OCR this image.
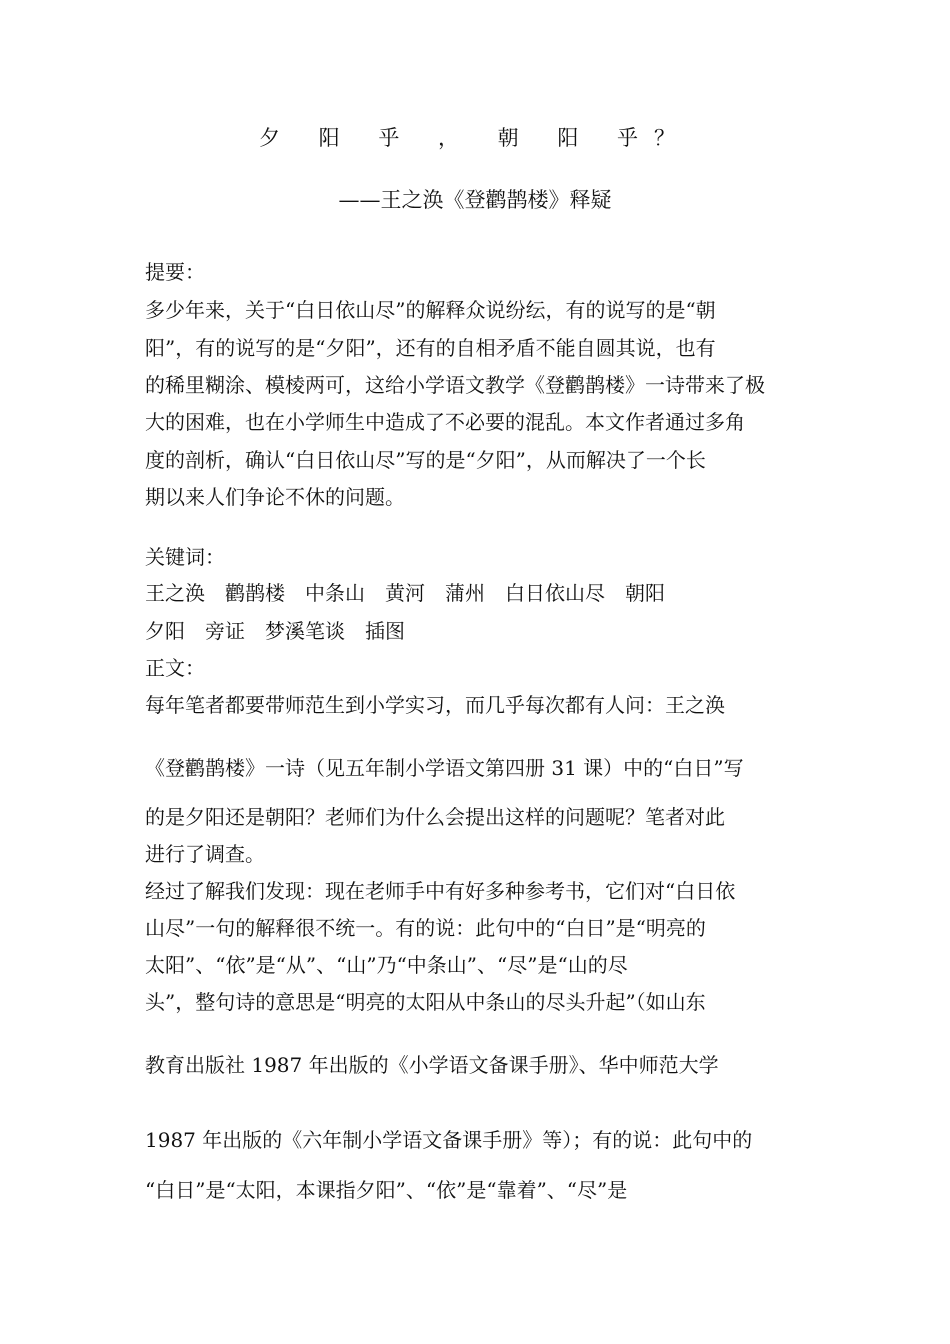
夕 阳 乎 ， 朝 阳 乎？
——王之涣《登鹳鹊楼》释疑
提要：
多少年来，关于“白日依山尽”的解释众说纷纭，有的说写的是“朝
阳”，有的说写的是“夕阳”，还有的自相矛盾不能自圆其说，也有
的稀里糊涂、模棱两可，这给小学语文教学《登鹳鹊楼》一诗带来了极
大的困难，也在小学师生中造成了不必要的混乱。本文作者通过多角
度的剖析，确认“白日依山尽”写的是“夕阳”，从而解决了一个长
期以来人们争论不休的问题。
关键词：
王之涣　鹳鹊楼　中条山　黄河　蒲州　白日依山尽　朝阳
夕阳　旁证　梦溪笔谈　插图
正文：
每年笔者都要带师范生到小学实习，而几乎每次都有人问：王之涣
《登鹳鹊楼》一诗（见五年制小学语文第四册 31 课）中的“白日”写
的是夕阳还是朝阳？老师们为什么会提出这样的问题呢？笔者对此
进行了调查。
经过了解我们发现：现在老师手中有好多种参考书，它们对“白日依
山尽”一句的解释很不统一。有的说：此句中的“白日”是“明亮的
太阳”、“依”是“从”、“山”乃“中条山”、“尽”是“山的尽
头”，整句诗的意思是“明亮的太阳从中条山的尽头升起”（如山东
教育出版社 1987 年出版的《小学语文备课手册》、华中师范大学
1987 年出版的《六年制小学语文备课手册》等）；有的说：此句中的
“白日”是“太阳，本课指夕阳”、“依”是“靠着”、“尽”是
